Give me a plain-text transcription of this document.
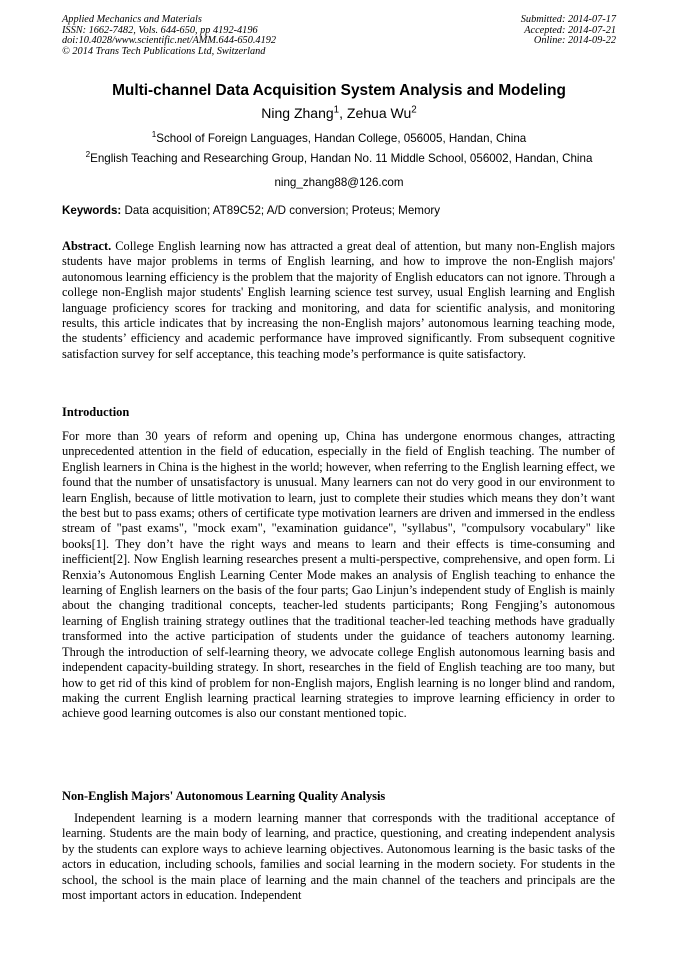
Applied Mechanics and Materials
ISSN: 1662-7482, Vols. 644-650, pp 4192-4196
doi:10.4028/www.scientific.net/AMM.644-650.4192
© 2014 Trans Tech Publications Ltd, Switzerland
Submitted: 2014-07-17
Accepted: 2014-07-21
Online: 2014-09-22
Multi-channel Data Acquisition System Analysis and Modeling
Ning Zhang$^1$, Zehua Wu$^2$
$^1$School of Foreign Languages, Handan College, 056005, Handan, China
$^2$English Teaching and Researching Group, Handan No. 11 Middle School, 056002, Handan, China
ning_zhang88@126.com
Keywords: Data acquisition; AT89C52; A/D conversion; Proteus; Memory
Abstract. College English learning now has attracted a great deal of attention, but many non-English majors students have major problems in terms of English learning, and how to improve the non-English majors' autonomous learning efficiency is the problem that the majority of English educators can not ignore. Through a college non-English major students' English learning science test survey, usual English learning and English language proficiency scores for tracking and monitoring, and data for scientific analysis, and monitoring results, this article indicates that by increasing the non-English majors’ autonomous learning teaching mode, the students’ efficiency and academic performance have improved significantly. From subsequent cognitive satisfaction survey for self acceptance, this teaching mode’s performance is quite satisfactory.
Introduction
For more than 30 years of reform and opening up, China has undergone enormous changes, attracting unprecedented attention in the field of education, especially in the field of English teaching. The number of English learners in China is the highest in the world; however, when referring to the English learning effect, we found that the number of unsatisfactory is unusual. Many learners can not do very good in our environment to learn English, because of little motivation to learn, just to complete their studies which means they don’t want the best but to pass exams; others of certificate type motivation learners are driven and immersed in the endless stream of "past exams", "mock exam", "examination guidance", "syllabus", "compulsory vocabulary" like books[1]. They don’t have the right ways and means to learn and their effects is time-consuming and inefficient[2]. Now English learning researches present a multi-perspective, comprehensive, and open form. Li Renxia’s Autonomous English Learning Center Mode makes an analysis of English teaching to enhance the learning of English learners on the basis of the four parts; Gao Linjun’s independent study of English is mainly about the changing traditional concepts, teacher-led students participants; Rong Fengjing’s autonomous learning of English training strategy outlines that the traditional teacher-led teaching methods have gradually transformed into the active participation of students under the guidance of teachers autonomy learning. Through the introduction of self-learning theory, we advocate college English autonomous learning basis and independent capacity-building strategy. In short, researches in the field of English teaching are too many, but how to get rid of this kind of problem for non-English majors, English learning is no longer blind and random, making the current English learning practical learning strategies to improve learning efficiency in order to achieve good learning outcomes is also our constant mentioned topic.
Non-English Majors' Autonomous Learning Quality Analysis
Independent learning is a modern learning manner that corresponds with the traditional acceptance of learning. Students are the main body of learning, and practice, questioning, and creating independent analysis by the students can explore ways to achieve learning objectives. Autonomous learning is the basic tasks of the actors in education, including schools, families and social learning in the modern society. For students in the school, the school is the main place of learning and the main channel of the teachers and principals are the most important actors in education. Independent
